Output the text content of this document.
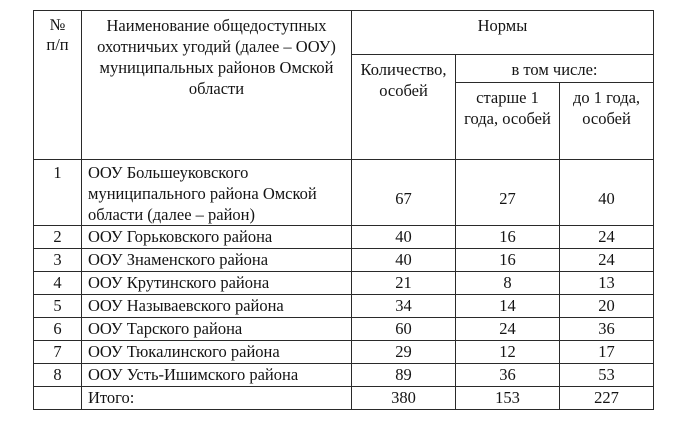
№
п/п	Наименование общедоступных охотничьих угодий (далее – ООУ) муниципальных районов Омской области	Нормы		
		Количество, особей	в том числе:	

			старше 1 года, особей	до 1 года, особей

1	ООУ Большеуковского муниципального района Омской области (далее – район)	67	27	40
2	ООУ Горьковского района	40	16	24
3	ООУ Знаменского района	40	16	24
4	ООУ Крутинского района	21	8	13
5	ООУ Называевского района	34	14	20
6	ООУ Тарского района	60	24	36
7	ООУ Тюкалинского района	29	12	17
8	ООУ Усть-Ишимского района	89	36	53
	Итого:	380	153	227
